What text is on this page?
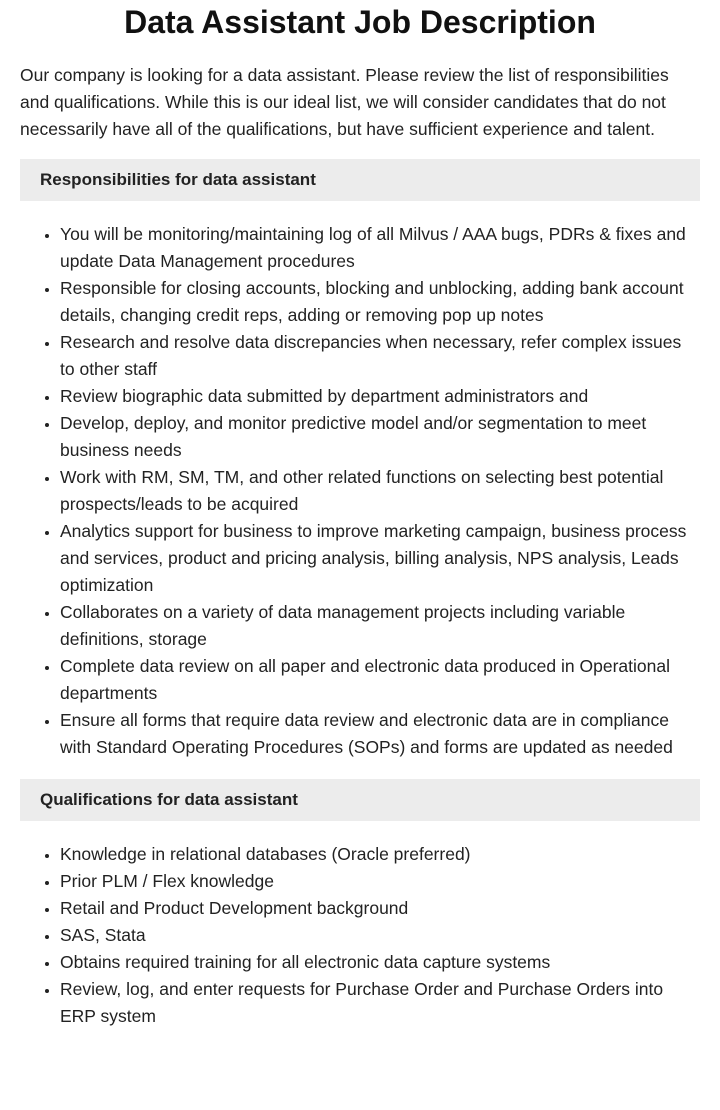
Data Assistant Job Description

Our company is looking for a data assistant. Please review the list of responsibilities and qualifications. While this is our ideal list, we will consider candidates that do not necessarily have all of the qualifications, but have sufficient experience and talent.

Responsibilities for data assistant
• You will be monitoring/maintaining log of all Milvus / AAA bugs, PDRs & fixes and update Data Management procedures
• Responsible for closing accounts, blocking and unblocking, adding bank account details, changing credit reps, adding or removing pop up notes
• Research and resolve data discrepancies when necessary, refer complex issues to other staff
• Review biographic data submitted by department administrators and
• Develop, deploy, and monitor predictive model and/or segmentation to meet business needs
• Work with RM, SM, TM, and other related functions on selecting best potential prospects/leads to be acquired
• Analytics support for business to improve marketing campaign, business process and services, product and pricing analysis, billing analysis, NPS analysis, Leads optimization
• Collaborates on a variety of data management projects including variable definitions, storage
• Complete data review on all paper and electronic data produced in Operational departments
• Ensure all forms that require data review and electronic data are in compliance with Standard Operating Procedures (SOPs) and forms are updated as needed
Qualifications for data assistant
• Knowledge in relational databases (Oracle preferred)
• Prior PLM / Flex knowledge
• Retail and Product Development background
• SAS, Stata
• Obtains required training for all electronic data capture systems
• Review, log, and enter requests for Purchase Order and Purchase Orders into ERP system
